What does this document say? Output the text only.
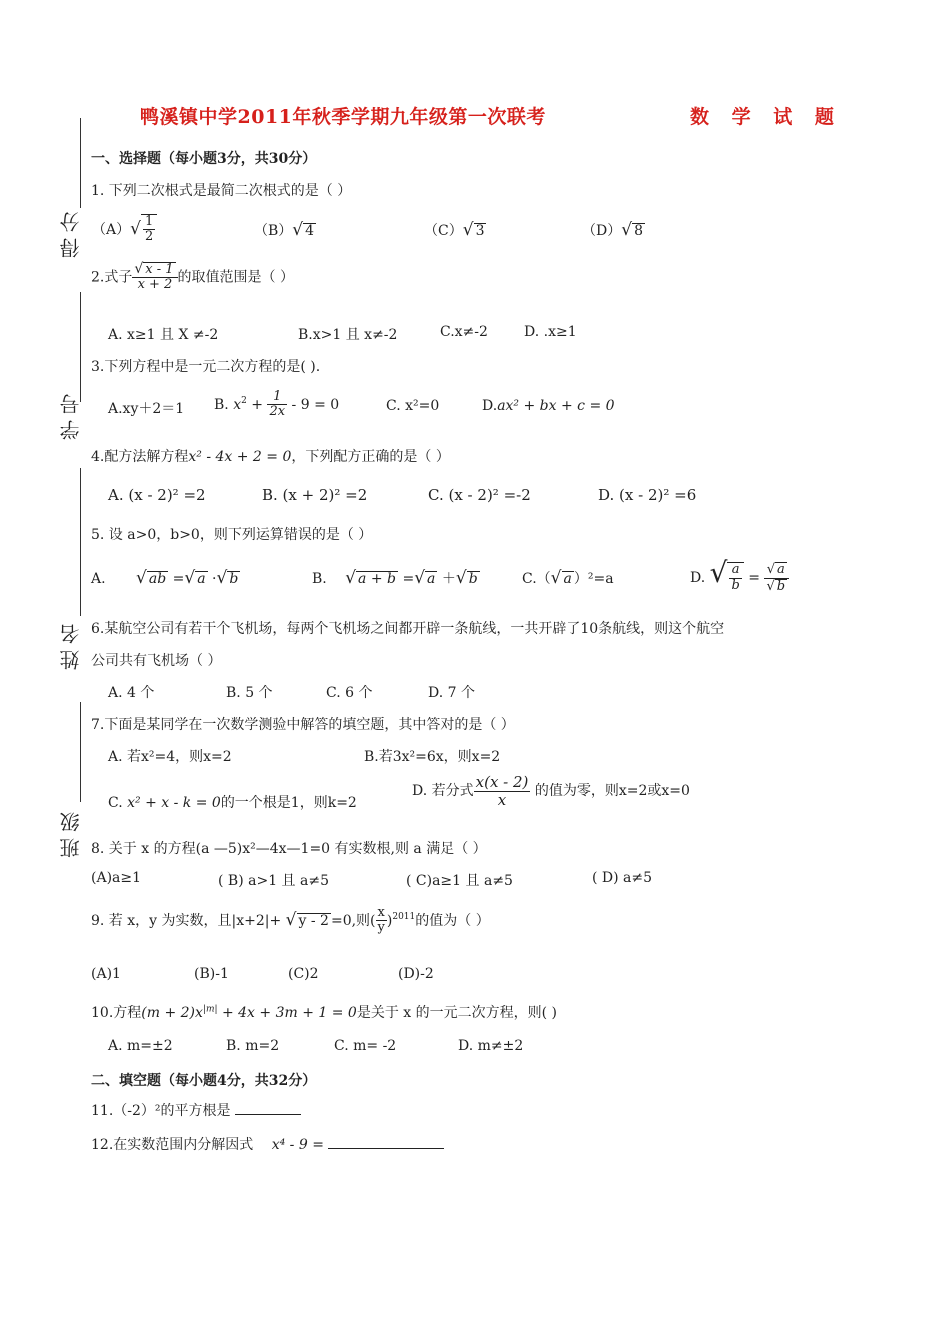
鸭溪镇中学2011年秋季学期九年级第一次联考	数 学 试 题
得分
学号
姓名
班级
一、选择题（每小题3分，共30分）
1. 下列二次根式是最简二次根式的是（ ）
$(A)√ \frac{1}{2}$	（B）√ 4	（C）√ 3	（D）√ 8
2.式子 $\frac{√ x - 1}{x + 2}$ 的取值范围是（ ）
A. x≥1 且 X ≠-2	B.x>1 且 x≠-2	C.x≠-2	D. .x≥1
3.下列方程中是一元二次方程的是( ).
A.xy＋2＝1 B. $x^2 + \frac{1}{2x} - 9 = 0$	C. x²=0	D.ax² + bx + c = 0
4.配方法解方程x² - 4x + 2 = 0，下列配方正确的是（ ）
A. (x - 2)² =2	B. (x + 2)² =2	C. (x - 2)² =-2	D. (x - 2)² =6
5. 设 a>0，b>0，则下列运算错误的是（ ）
A. √ ab =√ a ·√ b	B. √ a + b =√ a ＋√ b	C.（√ a ）²=a	D. √ $\frac{a}{b} = \frac{√ a}{√ b}$
6.某航空公司有若干个飞机场，每两个飞机场之间都开辟一条航线，一共开辟了10条航线，则这个航空
公司共有飞机场（ ）
A. 4 个	B. 5 个	C. 6 个	D. 7 个
7.下面是某同学在一次数学测验中解答的填空题，其中答对的是（ ）
A. 若x²=4，则x=2	B.若3x²=6x，则x=2
C. x² + x - k = 0的一个根是1，则k=2
D. 若分式 $\frac{x(x - 2)}{x}$ 的值为零，则x=2或x=0
8. 关于 x 的方程(a —5)x²—4x—1=0 有实数根,则 a 满足（ ）
(A)a≥1	( B) a>1 且 a≠5	( C)a≥1 且 a≠5	( D) a≠5
9. 若 x，y 为实数，且|x+2|+ √ y - 2 =0,则( $\frac{x}{y} )^{2011}$的值为（ ）
(A)1	(B)-1	(C)2	(D)-2
10.方程$(m + 2)x^{|m|} + 4x + 3m + 1 = 0$是关于 x 的一元二次方程，则( )
A. m=±2	B. m=2	C. m= -2	D. m≠±2
二、填空题（每小题4分，共32分）
11.（-2）²的平方根是
12.在实数范围内分解因式 x⁴ - 9 =
